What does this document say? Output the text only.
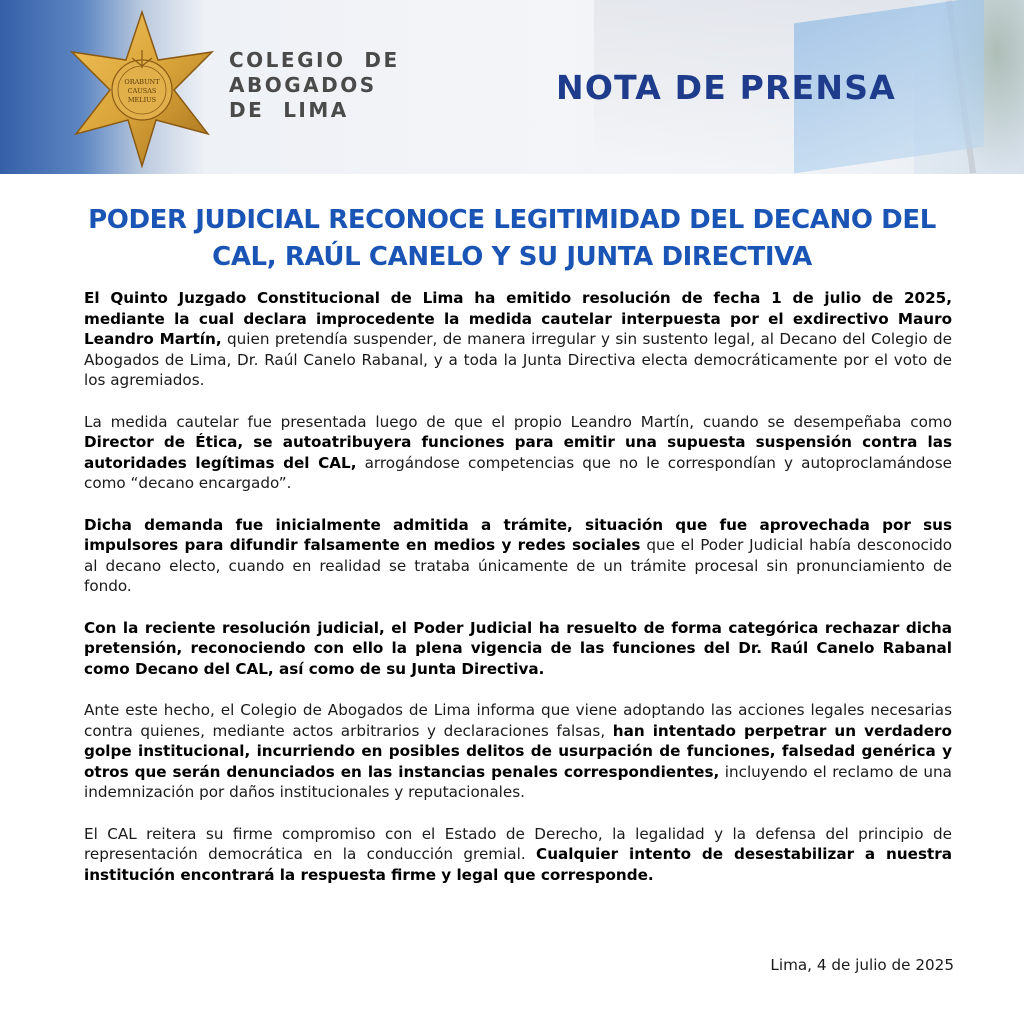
ORABUNT
CAUSAS
MELIUS
COLEGIO  DE
ABOGADOS
DE  LIMA
NOTA DE PRENSA
PODER JUDICIAL RECONOCE LEGITIMIDAD DEL DECANO DEL CAL, RAÚL CANELO Y SU JUNTA DIRECTIVA

El Quinto Juzgado Constitucional de Lima ha emitido resolución de fecha 1 de julio de 2025, mediante la cual declara improcedente la medida cautelar interpuesta por el exdirectivo Mauro Leandro Martín, quien pretendía suspender, de manera irregular y sin sustento legal, al Decano del Colegio de Abogados de Lima, Dr. Raúl Canelo Rabanal, y a toda la Junta Directiva electa democráticamente por el voto de los agremiados.

La medida cautelar fue presentada luego de que el propio Leandro Martín, cuando se desempeñaba como Director de Ética, se autoatribuyera funciones para emitir una supuesta suspensión contra las autoridades legítimas del CAL, arrogándose competencias que no le correspondían y autoproclamándose como “decano encargado”.

Dicha demanda fue inicialmente admitida a trámite, situación que fue aprovechada por sus impulsores para difundir falsamente en medios y redes sociales que el Poder Judicial había desconocido al decano electo, cuando en realidad se trataba únicamente de un trámite procesal sin pronunciamiento de fondo.

Con la reciente resolución judicial, el Poder Judicial ha resuelto de forma categórica rechazar dicha pretensión, reconociendo con ello la plena vigencia de las funciones del Dr. Raúl Canelo Rabanal como Decano del CAL, así como de su Junta Directiva.

Ante este hecho, el Colegio de Abogados de Lima informa que viene adoptando las acciones legales necesarias contra quienes, mediante actos arbitrarios y declaraciones falsas, han intentado perpetrar un verdadero golpe institucional, incurriendo en posibles delitos de usurpación de funciones, falsedad genérica y otros que serán denunciados en las instancias penales correspondientes, incluyendo el reclamo de una indemnización por daños institucionales y reputacionales.

El CAL reitera su firme compromiso con el Estado de Derecho, la legalidad y la defensa del principio de representación democrática en la conducción gremial. Cualquier intento de desestabilizar a nuestra institución encontrará la respuesta firme y legal que corresponde.

Lima, 4 de julio de 2025
